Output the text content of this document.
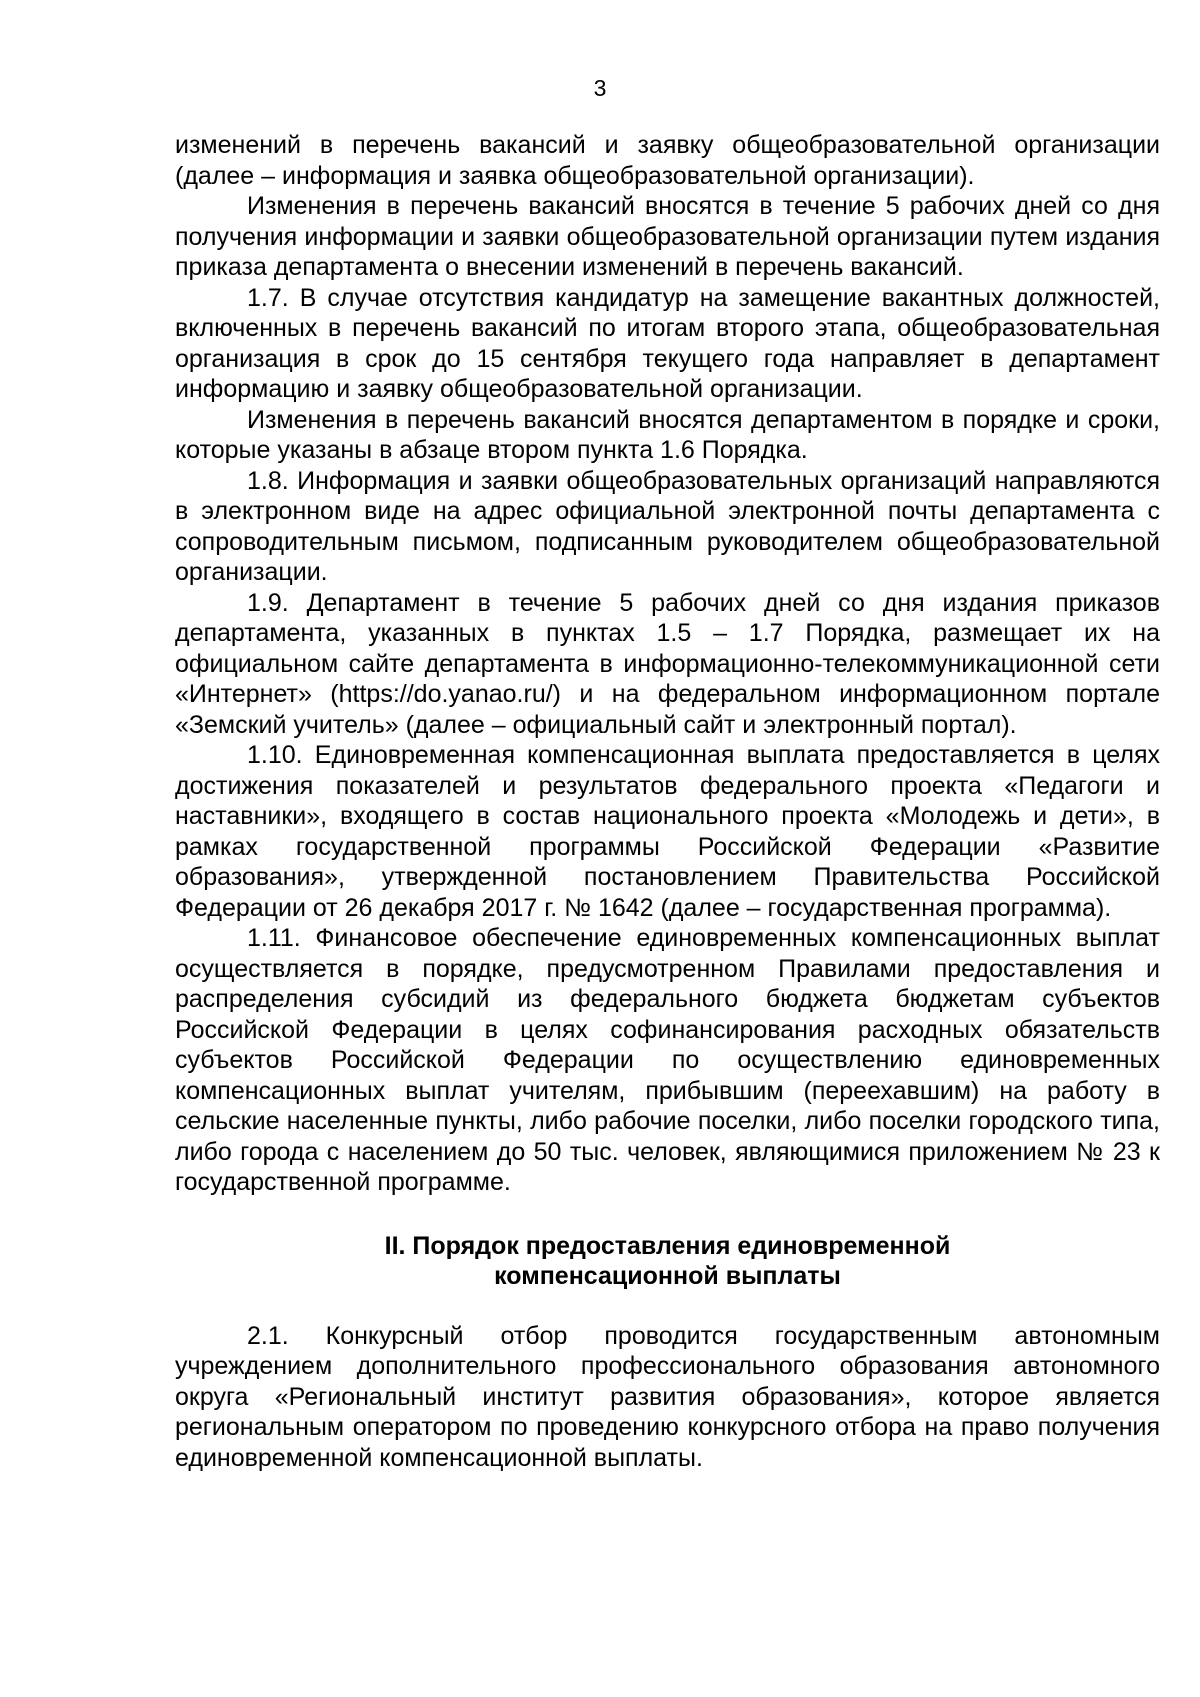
3

изменений в перечень вакансий и заявку общеобразовательной организации (далее – информация и заявка общеобразовательной организации).

Изменения в перечень вакансий вносятся в течение 5 рабочих дней со дня получения информации и заявки общеобразовательной организации путем издания приказа департамента о внесении изменений в перечень вакансий.

1.7. В случае отсутствия кандидатур на замещение вакантных должностей, включенных в перечень вакансий по итогам второго этапа, общеобразовательная организация в срок до 15 сентября текущего года направляет в департамент информацию и заявку общеобразовательной организации.

Изменения в перечень вакансий вносятся департаментом в порядке и сроки, которые указаны в абзаце втором пункта 1.6 Порядка.

1.8. Информация и заявки общеобразовательных организаций направляются в электронном виде на адрес официальной электронной почты департамента с сопроводительным письмом, подписанным руководителем общеобразовательной организации.

1.9. Департамент в течение 5 рабочих дней со дня издания приказов департамента, указанных в пунктах 1.5 – 1.7 Порядка, размещает их на официальном сайте департамента в информационно-телекоммуникационной сети «Интернет» (https://do.yanao.ru/) и на федеральном информационном портале «Земский учитель» (далее – официальный сайт и электронный портал).

1.10. Единовременная компенсационная выплата предоставляется в целях достижения показателей и результатов федерального проекта «Педагоги и наставники», входящего в состав национального проекта «Молодежь и дети», в рамках государственной программы Российской Федерации «Развитие образования», утвержденной постановлением Правительства Российской Федерации от 26 декабря 2017 г. № 1642 (далее – государственная программа).

1.11. Финансовое обеспечение единовременных компенсационных выплат осуществляется в порядке, предусмотренном Правилами предоставления и распределения субсидий из федерального бюджета бюджетам субъектов Российской Федерации в целях софинансирования расходных обязательств субъектов Российской Федерации по осуществлению единовременных компенсационных выплат учителям, прибывшим (переехавшим) на работу в сельские населенные пункты, либо рабочие поселки, либо поселки городского типа, либо города с населением до 50 тыс. человек, являющимися приложением № 23 к государственной программе.

II. Порядок предоставления единовременной
компенсационной выплаты

2.1. Конкурсный отбор проводится государственным автономным учреждением дополнительного профессионального образования автономного округа «Региональный институт развития образования», которое является региональным оператором по проведению конкурсного отбора на право получения единовременной компенсационной выплаты.
